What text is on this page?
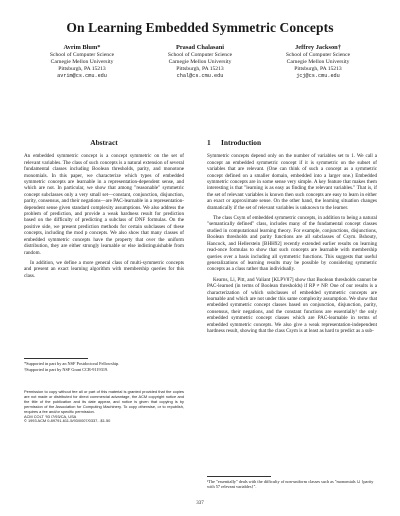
On Learning Embedded Symmetric Concepts
Avrim Blum*
School of Computer Science
Carnegie Mellon University
Pittsburgh, PA 15213
avrim@cs.cmu.edu
Prasad Chalasani
School of Computer Science
Carnegie Mellon University
Pittsburgh, PA 15213
chal@cs.cmu.edu
Jeffrey Jackson†
School of Computer Science
Carnegie Mellon University
Pittsburgh, PA 15213
jcj@cs.cmu.edu
Abstract

An embedded symmetric concept is a concept symmetric on the set of relevant variables. The class of such concepts is a natural extension of several fundamental classes including Boolean thresholds, parity, and monotone monomials. In this paper, we characterize which types of embedded symmetric concepts are learnable in a representation-dependent sense, and which are not. In particular, we show that among "reasonable" symmetric concept subclasses only a very small set—constant, conjunction, disjunction, parity, consensus, and their negations—are PAC-learnable in a representation-dependent sense given standard complexity assumptions. We also address the problem of prediction, and provide a weak hardness result for prediction based on the difficulty of predicting a subclass of DNF formulas. On the positive side, we present prediction methods for certain subclasses of these concepts, including the mod p concepts. We also show that many classes of embedded symmetric concepts have the property that over the uniform distribution, they are either strongly learnable or else indistinguishable from random.

In addition, we define a more general class of multi-symmetric concepts and present an exact learning algorithm with membership queries for this class.

*Supported in part by an NSF Postdoctoral Fellowship.
†Supported in part by NSF Grant CCR-9119319.
Permission to copy without fee all or part of this material is granted provided that the copies are not made or distributed for direct commercial advantage, the ACM copyright notice and the title of the publication and its date appear, and notice is given that copying is by permission of the Association for Computing Machinery. To copy otherwise, or to republish, requires a fee and/or specific permission.
ACM COLT '93 /7/93/CA, USA
© 1993 ACM 0-89791-611-5/93/0007/0337...$1.50
1 Introduction

Symmetric concepts depend only on the number of variables set to 1. We call a concept an embedded symmetric concept if it is symmetric on the subset of variables that are relevant. (One can think of such a concept as a symmetric concept defined on a smaller domain, embedded into a larger one.) Embedded symmetric concepts are in some sense very simple. A key feature that makes them interesting is that "learning is as easy as finding the relevant variables." That is, if the set of relevant variables is known then such concepts are easy to learn in either an exact or approximate sense. On the other hand, the learning situation changes dramatically if the set of relevant variables is unknown to the learner.

The class Csym of embedded symmetric concepts, in addition to being a natural "semantically defined" class, includes many of the fundamental concept classes studied in computational learning theory. For example, conjunctions, disjunctions, Boolean thresholds and parity functions are all subclasses of Csym. Bshouty, Hancock, and Hellerstein [BHH92] recently extended earlier results on learning read-once formulas to show that such concepts are learnable with membership queries over a basis including all symmetric functions. This suggests that useful generalizations of learning results may be possible by considering symmetric concepts as a class rather than individually.

Kearns, Li, Pitt, and Valiant [KLPV87] show that Boolean thresholds cannot be PAC-learned (in terms of Boolean thresholds) if RP ≠ NP. One of our results is a characterization of which subclasses of embedded symmetric concepts are learnable and which are not under this same complexity assumption. We show that embedded symmetric concept classes based on conjunction, disjunction, parity, consensus, their negations, and the constant functions are essentially¹ the only embedded symmetric concept classes which are PAC-learnable in terms of embedded symmetric concepts. We also give a weak representation-independent hardness result, showing that the class Csym is at least as hard to predict as a sub-

¹The "essentially" deals with the difficulty of non-uniform classes such as "monomials ∪ {parity with 57 relevant variables}".
337
